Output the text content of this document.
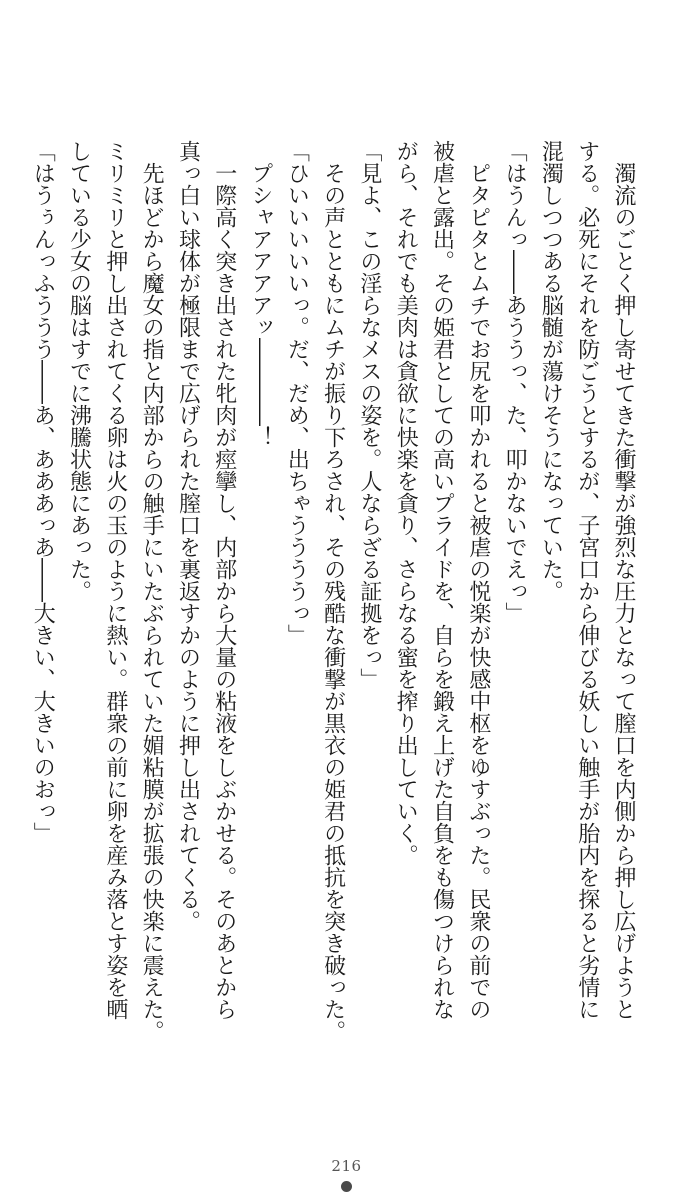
濁流のごとく押し寄せてきた衝撃が強烈な圧力となって膣口を内側から押し広げようと

する。必死にそれを防ごうとするが、子宮口から伸びる妖しい触手が胎内を探ると劣情に

混濁しつつある脳髄が蕩けそうになっていた。

「はうんっ――あううっ、た、叩かないでえっ」

ピタピタとムチでお尻を叩かれると被虐の悦楽が快感中枢をゆすぶった。民衆の前での

被虐と露出。その姫君としての高いプライドを、自らを鍛え上げた自負をも傷つけられな

がら、それでも美肉は貪欲に快楽を貪り、さらなる蜜を搾り出していく。

「見よ、この淫らなメスの姿を。人ならざる証拠をっ」

その声とともにムチが振り下ろされ、その残酷な衝撃が黒衣の姫君の抵抗を突き破った。

「ひいいいいいっ。だ、だめ、出ちゃううううっ」

プシャアアアアッ――――！

一際高く突き出された牝肉が痙攣し、内部から大量の粘液をしぶかせる。そのあとから

真っ白い球体が極限まで広げられた膣口を裏返すかのように押し出されてくる。

先ほどから魔女の指と内部からの触手にいたぶられていた媚粘膜が拡張の快楽に震えた。

ミリミリと押し出されてくる卵は火の玉のように熱い。群衆の前に卵を産み落とす姿を晒

している少女の脳はすでに沸騰状態にあった。

「はうぅんっふううう――あ、あああっあ――大きい、大きいのおっ」

216
